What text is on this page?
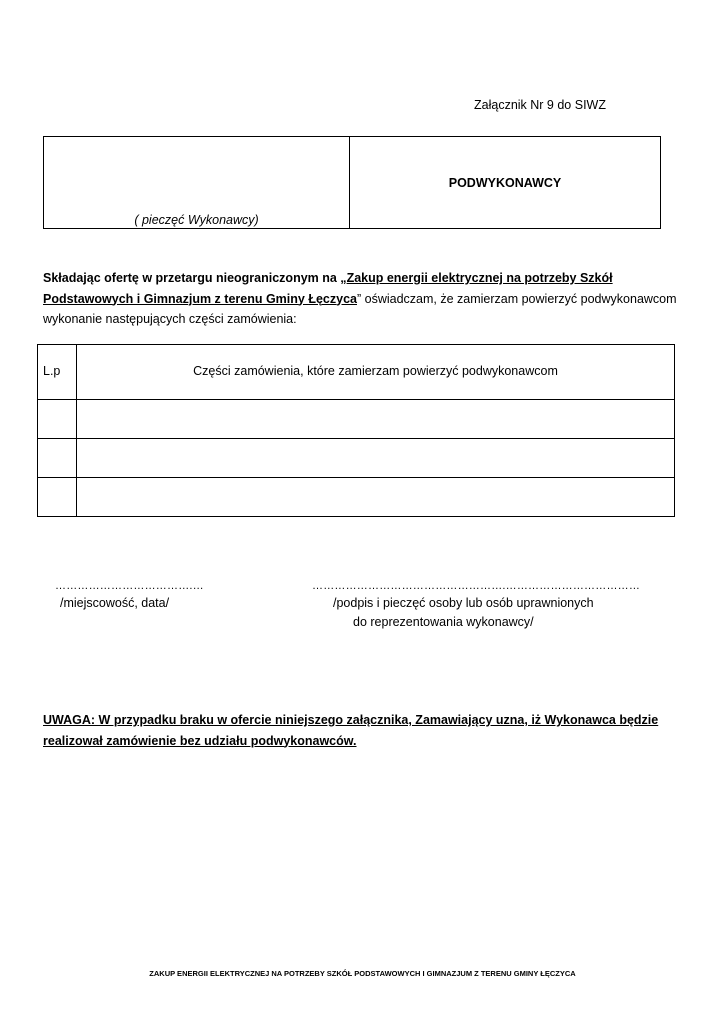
Załącznik Nr 9 do SIWZ
( pieczęć Wykonawcy)
PODWYKONAWCY
Składając ofertę w przetargu nieograniczonym na „Zakup energii elektrycznej na potrzeby Szkół Podstawowych i Gimnazjum z terenu Gminy Łęczyca” oświadczam, że zamierzam powierzyć podwykonawcom wykonanie następujących części zamówienia:
L.p	Części zamówienia, które zamierzam powierzyć podwykonawcom

……………………………….…	…………………………………………….………………………………
/miejscowość, data/	/podpis i pieczęć osoby lub osób uprawnionych
do reprezentowania wykonawcy/
UWAGA: W przypadku braku w ofercie niniejszego załącznika, Zamawiający uzna, iż Wykonawca będzie realizował zamówienie bez udziału podwykonawców.
ZAKUP ENERGII ELEKTRYCZNEJ NA POTRZEBY SZKÓŁ PODSTAWOWYCH I GIMNAZJUM Z TERENU GMINY ŁĘCZYCA
